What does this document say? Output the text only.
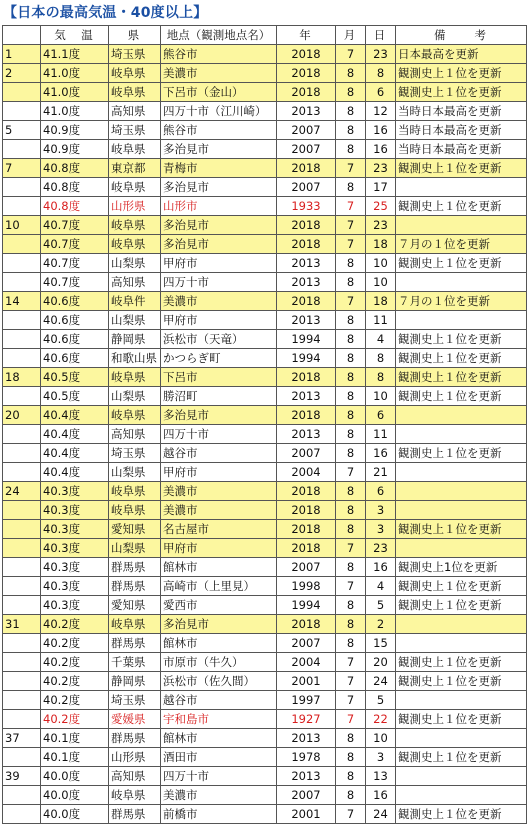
【日本の最高気温・40度以上】
	気　温	県	地点（観測地点名）	年	月	日	備　　考
1	41.1度	埼玉県	熊谷市	2018	7	23	日本最高を更新
2	41.0度	岐阜県	美濃市	2018	8	8	観測史上１位を更新
	41.0度	岐阜県	下呂市（金山）	2018	8	6	観測史上１位を更新
	41.0度	高知県	四万十市（江川崎）	2013	8	12	当時日本最高を更新
5	40.9度	埼玉県	熊谷市	2007	8	16	当時日本最高を更新
	40.9度	岐阜県	多治見市	2007	8	16	当時日本最高を更新
7	40.8度	東京都	青梅市	2018	7	23	観測史上１位を更新
	40.8度	岐阜県	多治見市	2007	8	17	
	40.8度	山形県	山形市	1933	7	25	観測史上１位を更新
10	40.7度	岐阜県	多治見市	2018	7	23	
	40.7度	岐阜県	多治見市	2018	7	18	７月の１位を更新
	40.7度	山梨県	甲府市	2013	8	10	観測史上１位を更新
	40.7度	高知県	四万十市	2013	8	10	
14	40.6度	岐阜件	美濃市	2018	7	18	７月の１位を更新
	40.6度	山梨県	甲府市	2013	8	11	
	40.6度	静岡県	浜松市（天竜）	1994	8	4	観測史上１位を更新
	40.6度	和歌山県	かつらぎ町	1994	8	8	観測史上１位を更新
18	40.5度	岐阜県	下呂市	2018	8	8	観測史上１位を更新
	40.5度	山梨県	勝沼町	2013	8	10	観測史上１位を更新
20	40.4度	岐阜県	多治見市	2018	8	6	
	40.4度	高知県	四万十市	2013	8	11	
	40.4度	埼玉県	越谷市	2007	8	16	観測史上１位を更新
	40.4度	山梨県	甲府市	2004	7	21	
24	40.3度	岐阜県	美濃市	2018	8	6	
	40.3度	岐阜県	美濃市	2018	8	3	
	40.3度	愛知県	名古屋市	2018	8	3	観測史上１位を更新
	40.3度	山梨県	甲府市	2018	7	23	
	40.3度	群馬県	館林市	2007	8	16	観測史上1位を更新
	40.3度	群馬県	高崎市（上里見）	1998	7	4	観測史上１位を更新
	40.3度	愛知県	愛西市	1994	8	5	観測史上１位を更新
31	40.2度	岐阜県	多治見市	2018	8	2	
	40.2度	群馬県	館林市	2007	8	15	
	40.2度	千葉県	市原市（牛久）	2004	7	20	観測史上１位を更新
	40.2度	静岡県	浜松市（佐久間）	2001	7	24	観測史上１位を更新
	40.2度	埼玉県	越谷市	1997	7	5	
	40.2度	愛媛県	宇和島市	1927	7	22	観測史上１位を更新
37	40.1度	群馬県	館林市	2013	8	10	
	40.1度	山形県	酒田市	1978	8	3	観測史上１位を更新
39	40.0度	高知県	四万十市	2013	8	13	
	40.0度	岐阜県	美濃市	2007	8	16	
	40.0度	群馬県	前橋市	2001	7	24	観測史上１位を更新
